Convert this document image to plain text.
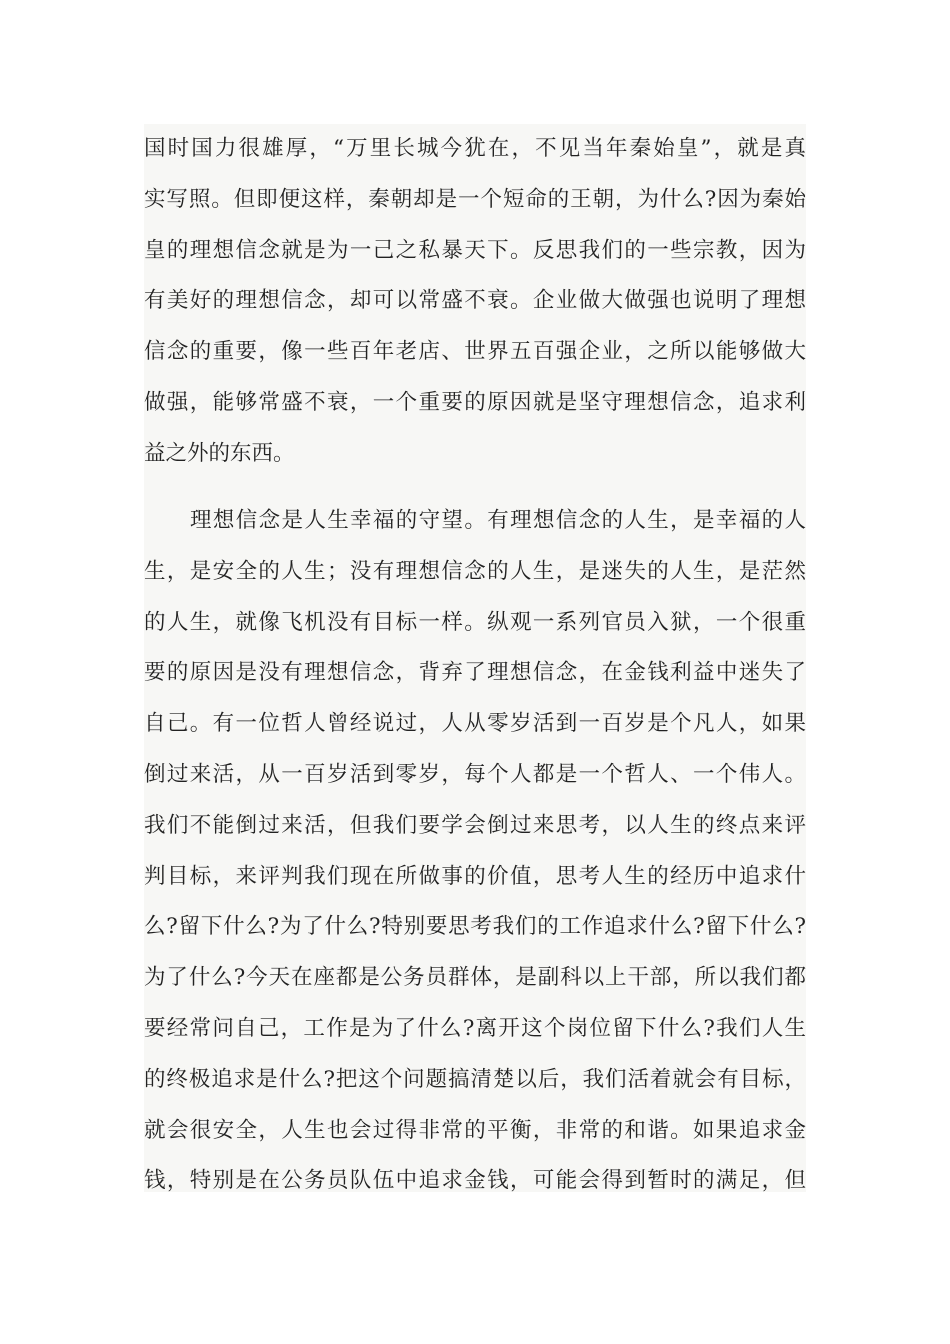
国时国力很雄厚，“万里长城今犹在，不见当年秦始皇”，就是真
实写照。但即便这样，秦朝却是一个短命的王朝，为什么?因为秦始
皇的理想信念就是为一己之私暴天下。反思我们的一些宗教，因为
有美好的理想信念，却可以常盛不衰。企业做大做强也说明了理想
信念的重要，像一些百年老店、世界五百强企业，之所以能够做大
做强，能够常盛不衰，一个重要的原因就是坚守理想信念，追求利
益之外的东西。
理想信念是人生幸福的守望。有理想信念的人生，是幸福的人
生，是安全的人生；没有理想信念的人生，是迷失的人生，是茫然
的人生，就像飞机没有目标一样。纵观一系列官员入狱，一个很重
要的原因是没有理想信念，背弃了理想信念，在金钱利益中迷失了
自己。有一位哲人曾经说过，人从零岁活到一百岁是个凡人，如果
倒过来活，从一百岁活到零岁，每个人都是一个哲人、一个伟人。
我们不能倒过来活，但我们要学会倒过来思考，以人生的终点来评
判目标，来评判我们现在所做事的价值，思考人生的经历中追求什
么?留下什么?为了什么?特别要思考我们的工作追求什么?留下什么?
为了什么?今天在座都是公务员群体，是副科以上干部，所以我们都
要经常问自己，工作是为了什么?离开这个岗位留下什么?我们人生
的终极追求是什么?把这个问题搞清楚以后，我们活着就会有目标，
就会很安全，人生也会过得非常的平衡，非常的和谐。如果追求金
钱，特别是在公务员队伍中追求金钱，可能会得到暂时的满足，但
